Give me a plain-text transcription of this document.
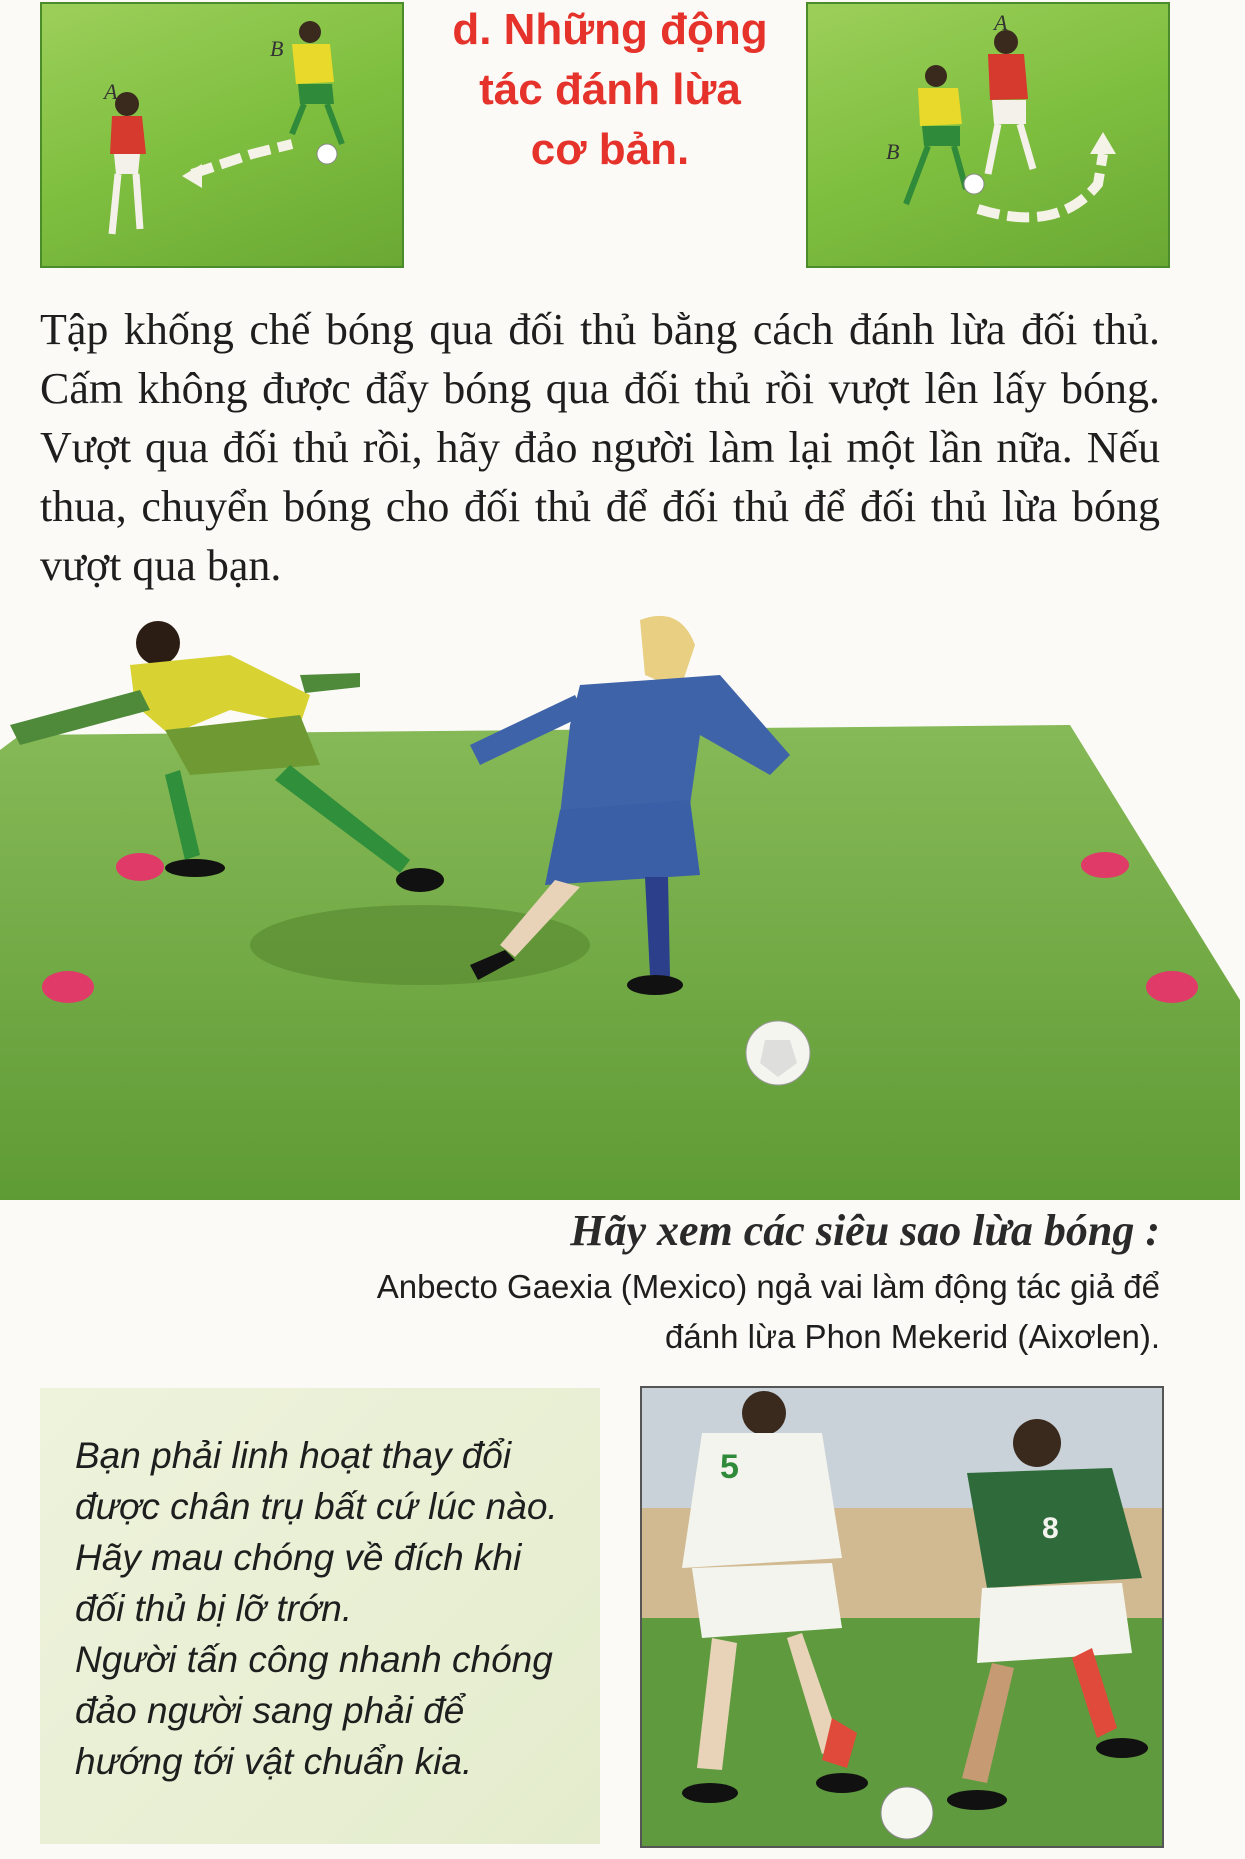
A
B	d. Những động
tác đánh lừa
cơ bản.
A
B
Tập khống chế bóng qua đối thủ bằng cách đánh lừa đối thủ. Cấm không được đẩy bóng qua đối thủ rồi vượt lên lấy bóng. Vượt qua đối thủ rồi, hãy đảo người làm lại một lần nữa. Nếu thua, chuyển bóng cho đối thủ để đối thủ để đối thủ lừa bóng vượt qua bạn.
Hãy xem các siêu sao lừa bóng :
Anbecto Gaexia (Mexico) ngả vai làm động tác giả để
đánh lừa Phon Mekerid (Aixơlen).
Bạn phải linh hoạt thay đổi được chân trụ bất cứ lúc nào.
Hãy mau chóng về đích khi đối thủ bị lỡ trớn.
Người tấn công nhanh chóng đảo người sang phải để hướng tới vật chuẩn kia.
5
8
